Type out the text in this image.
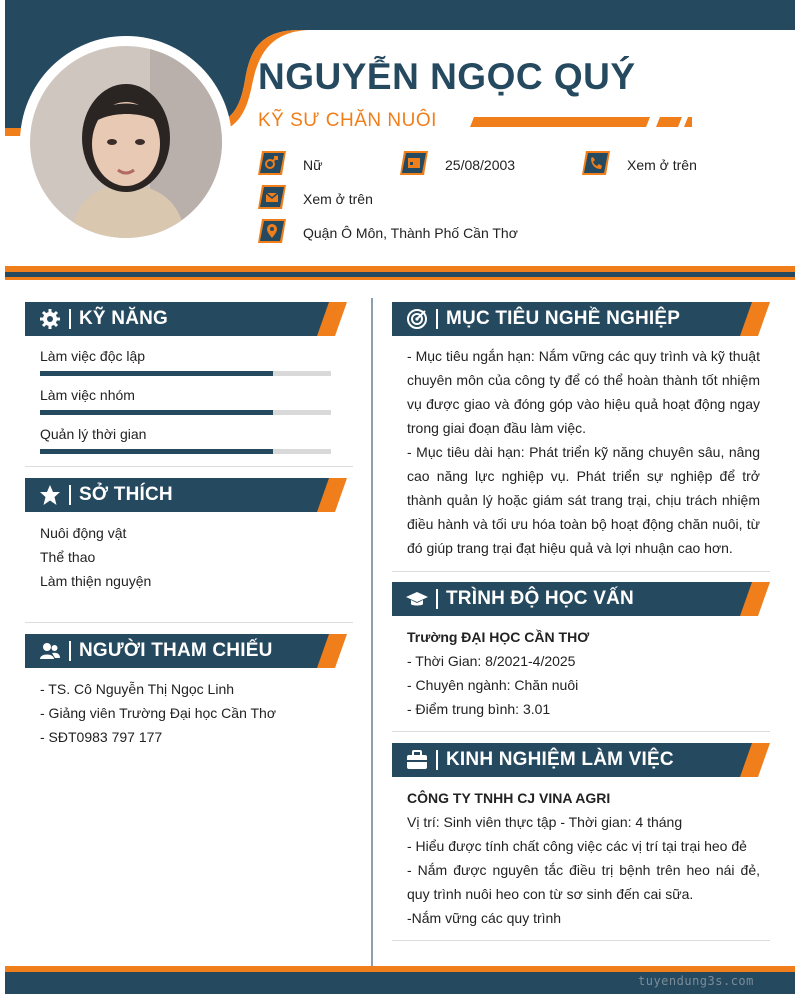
NGUYỄN NGỌC QUÝ
KỸ SƯ CHĂN NUÔI
Nữ	25/08/2003	Xem ở trên
Xem ở trên
Quận Ô Môn, Thành Phố Cần Thơ
KỸ NĂNG
Làm việc độc lập
Làm việc nhóm
Quản lý thời gian
SỞ THÍCH
Nuôi động vật
Thể thao
Làm thiện nguyện
NGƯỜI THAM CHIẾU
- TS. Cô Nguyễn Thị Ngọc Linh
- Giảng viên Trường Đại học Cần Thơ
- SĐT0983 797 177
MỤC TIÊU NGHỀ NGHIỆP
- Mục tiêu ngắn hạn: Nắm vững các quy trình và kỹ thuật chuyên môn của công ty để có thể hoàn thành tốt nhiệm vụ được giao và đóng góp vào hiệu quả hoạt động ngay trong giai đoạn đầu làm việc.
- Mục tiêu dài hạn: Phát triển kỹ năng chuyên sâu, nâng cao năng lực nghiệp vụ. Phát triển sự nghiệp để trở thành quản lý hoặc giám sát trang trại, chịu trách nhiệm điều hành và tối ưu hóa toàn bộ hoạt động chăn nuôi, từ đó giúp trang trại đạt hiệu quả và lợi nhuận cao hơn.
TRÌNH ĐỘ HỌC VẤN
Trường ĐẠI HỌC CẦN THƠ
- Thời Gian: 8/2021-4/2025
- Chuyên ngành: Chăn nuôi
- Điểm trung bình: 3.01
KINH NGHIỆM LÀM VIỆC
CÔNG TY TNHH CJ VINA AGRI
Vị trí: Sinh viên thực tập - Thời gian: 4 tháng
- Hiểu được tính chất công việc các vị trí tại trại heo đẻ
- Nắm được nguyên tắc điều trị bệnh trên heo nái đẻ, quy trình nuôi heo con từ sơ sinh đến cai sữa.
-Nắm vững các quy trình
tuyendung3s.com
